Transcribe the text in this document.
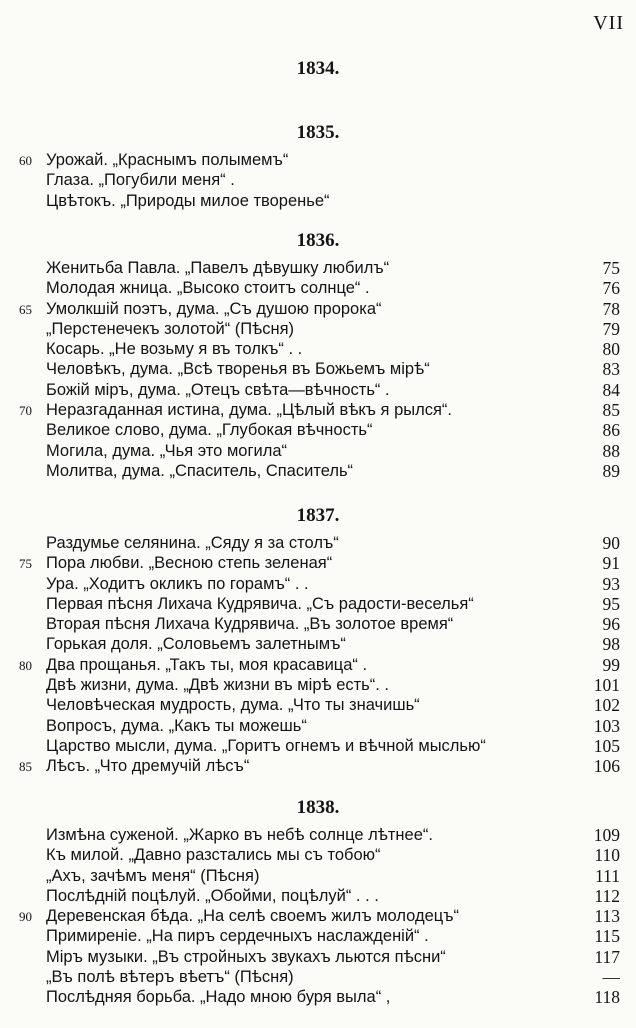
VII
1834.
1835.
60 Урожай. „Краснымъ полымемъ“
Глаза. „Погубили меня“ .
Цвѣтокъ. „Природы милое творенье“
1836.
Женитьба Павла. „Павелъ дѣвушку любилъ“	75
Молодая жница. „Высоко стоитъ солнце“ .	76
65 Умолкшій поэтъ, дума. „Съ душою пророка“	78
„Перстенечекъ золотой“ (Пѣсня)	79
Косарь. „Не возьму я въ толкъ“ . .	80
Человѣкъ, дума. „Всѣ творенья въ Божьемъ мірѣ“	83
Божій міръ, дума. „Отецъ свѣта—вѣчность“ .	84
70 Неразгаданная истина, дума. „Цѣлый вѣкъ я рылся“.	85
Великое слово, дума. „Глубокая вѣчность“	86
Могила, дума. „Чья это могила“	88
Молитва, дума. „Спаситель, Спаситель“	89
1837.
Раздумье селянина. „Сяду я за столъ“	90
75 Пора любви. „Весною степь зеленая“	91
Ура. „Ходитъ окликъ по горамъ“ . .	93
Первая пѣсня Лихача Кудрявича. „Съ радости-веселья“	95
Вторая пѣсня Лихача Кудрявича. „Въ золотое время“	96
Горькая доля. „Соловьемъ залетнымъ“	98
80 Два прощанья. „Такъ ты, моя красавица“ .	99
Двѣ жизни, дума. „Двѣ жизни въ мірѣ есть“. .	101
Человѣческая мудрость, дума. „Что ты значишь“	102
Вопросъ, дума. „Какъ ты можешь“	103
Царство мысли, дума. „Горитъ огнемъ и вѣчной мыслью“	105
85 Лѣсъ. „Что дремучій лѣсъ“	106
1838.
Измѣна суженой. „Жарко въ небѣ солнце лѣтнее“.	109
Къ милой. „Давно разстались мы съ тобою“	110
„Ахъ, зачѣмъ меня“ (Пѣсня)	111
Послѣдній поцѣлуй. „Обойми, поцѣлуй“ . . .	112
90 Деревенская бѣда. „На селѣ своемъ жилъ молодецъ“	113
Примиреніе. „На пиръ сердечныхъ наслажденій“ .	115
Міръ музыки. „Въ стройныхъ звукахъ льются пѣсни“	117
„Въ полѣ вѣтеръ вѣетъ“ (Пѣсня)	—
Послѣдняя борьба. „Надо мною буря выла“ ,	118
